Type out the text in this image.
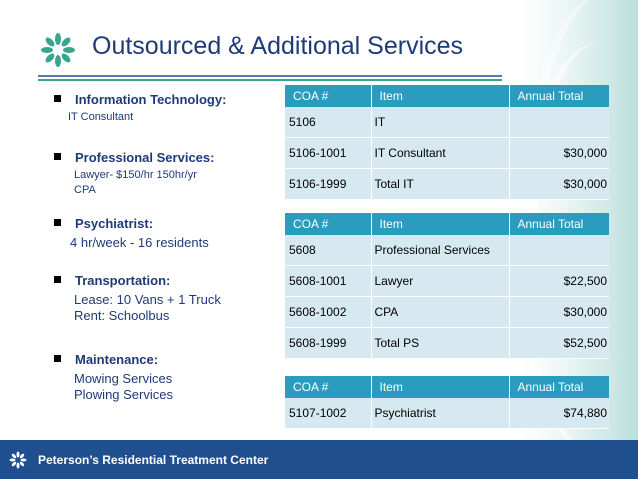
Outsourced & Additional Services
Information Technology:
IT Consultant
Professional Services:
Lawyer- $150/hr 150hr/yr
CPA
Psychiatrist:
4 hr/week - 16 residents
Transportation:
Lease: 10 Vans + 1 Truck
Rent: Schoolbus
Maintenance:
Mowing Services
Plowing Services
COA #	Item	Annual Total
5106	IT	
5106-1001	IT Consultant	$30,000
5106-1999	Total IT	$30,000
COA #	Item	Annual Total
5608	Professional Services	
5608-1001	Lawyer	$22,500
5608-1002	CPA	$30,000
5608-1999	Total PS	$52,500
COA #	Item	Annual Total
5107-1002	Psychiatrist	$74,880
Peterson’s Residential Treatment Center
